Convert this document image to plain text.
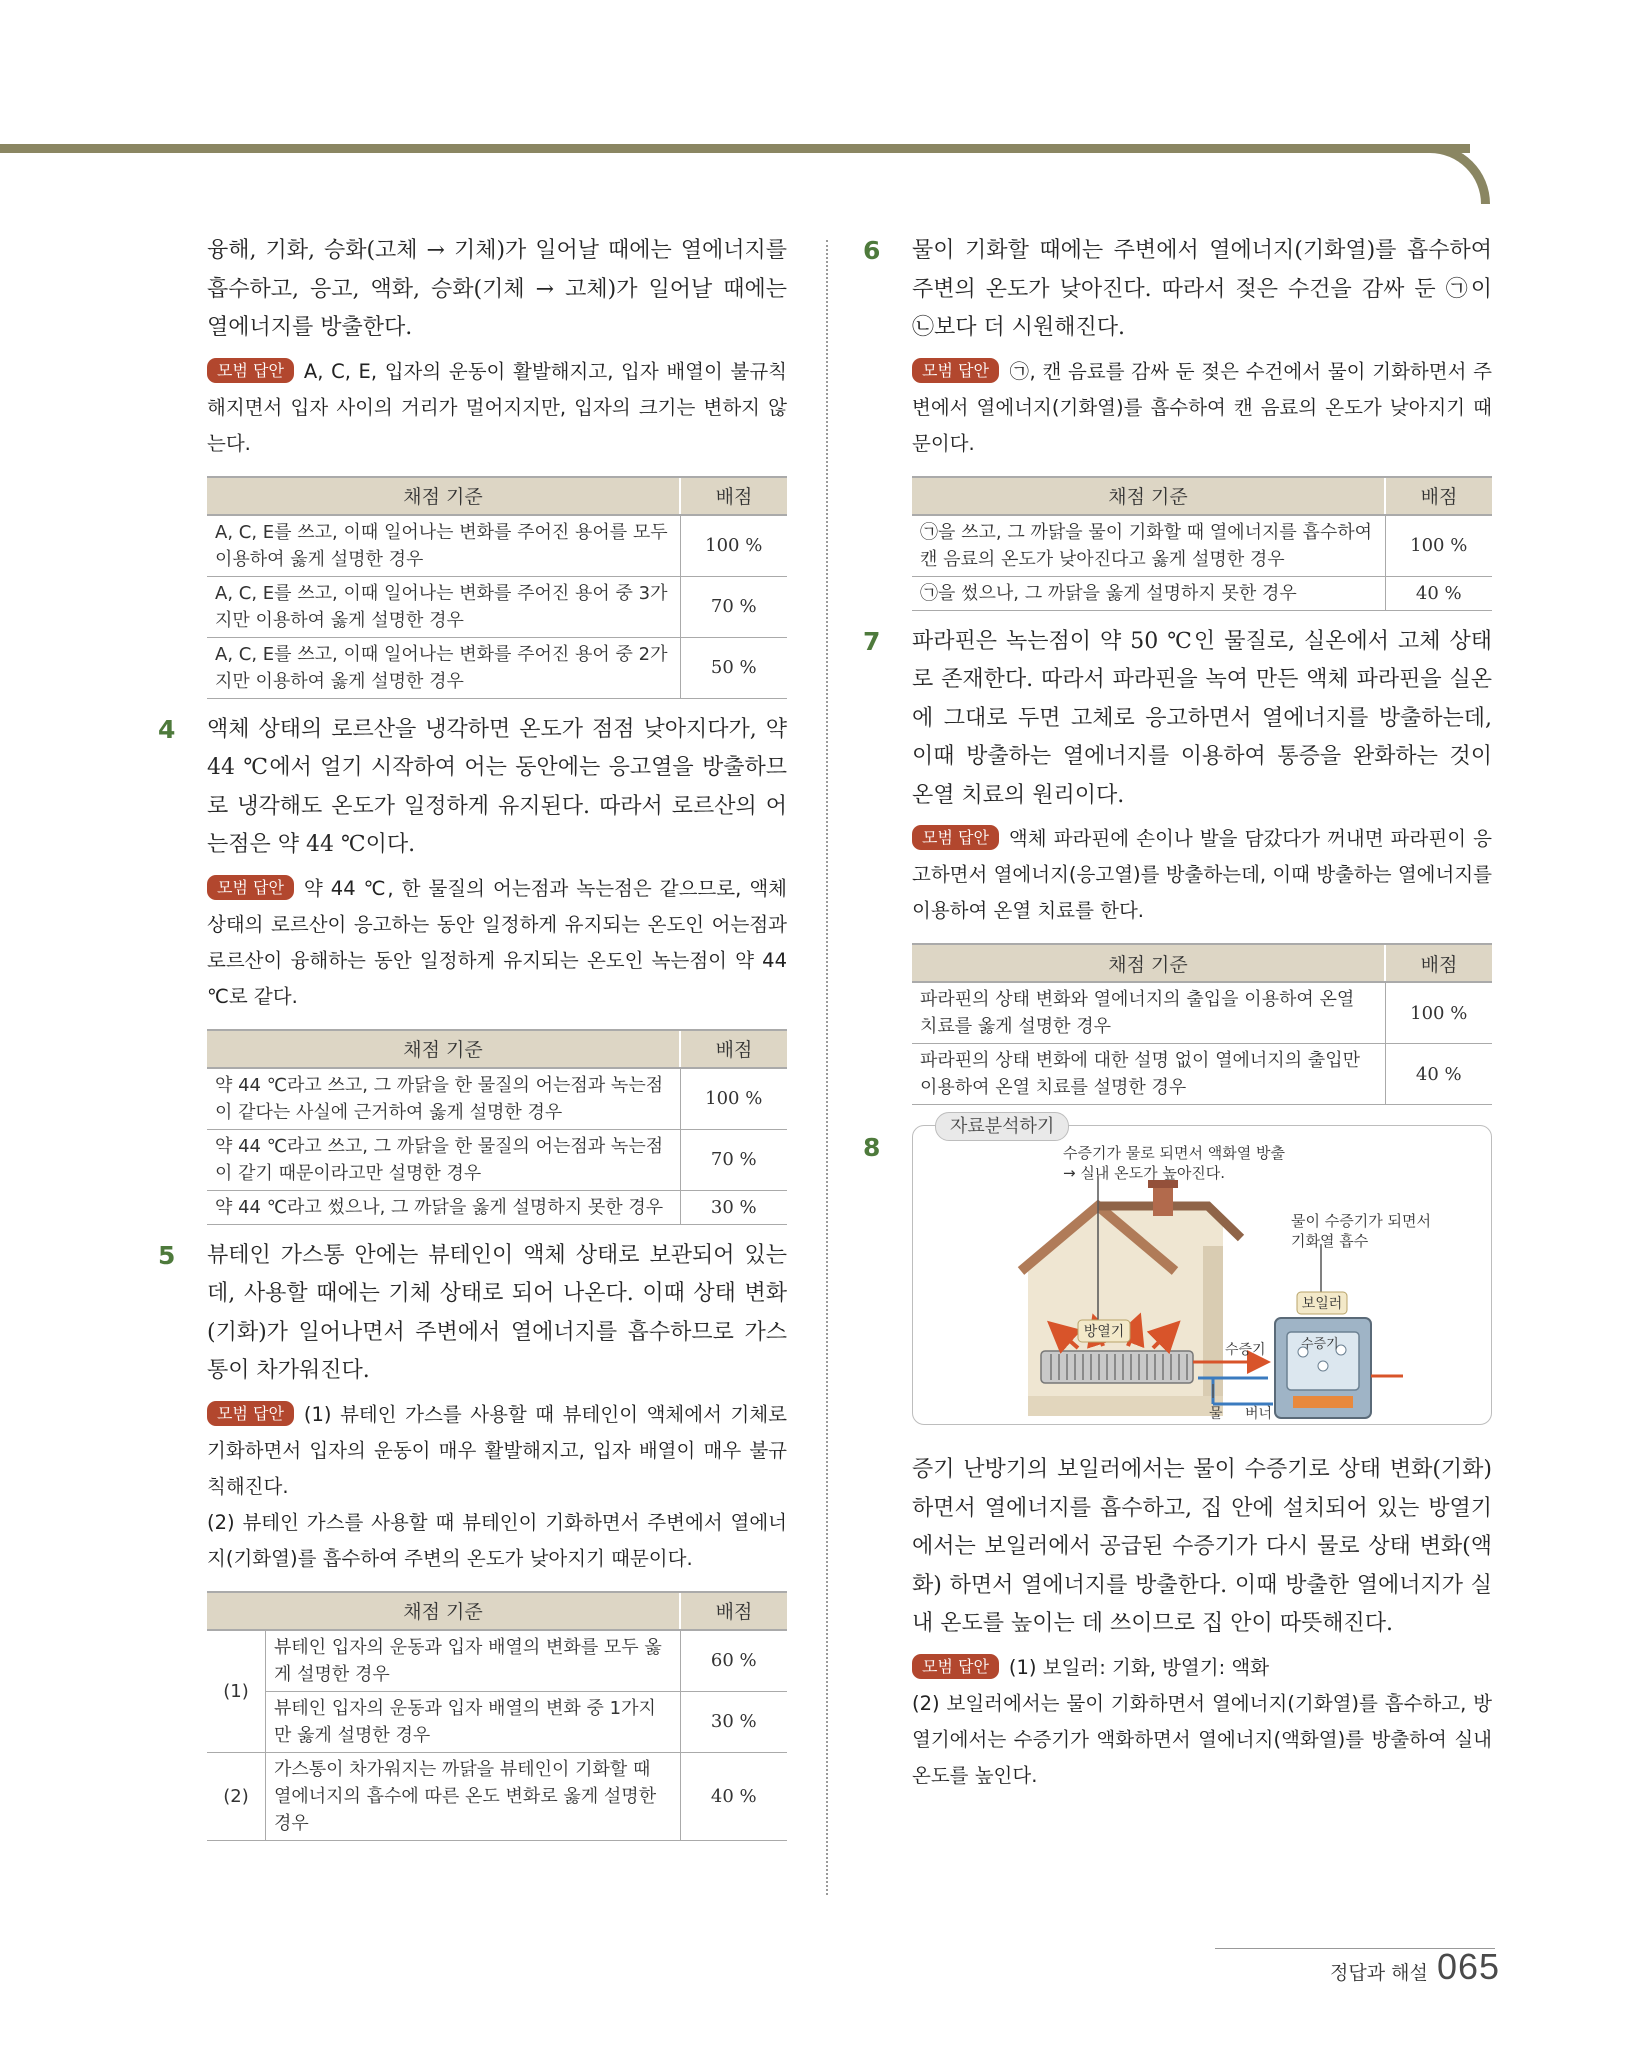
융해, 기화, 승화(고체 → 기체)가 일어날 때에는 열에너지를 흡수하고, 응고, 액화, 승화(기체 → 고체)가 일어날 때에는 열에너지를 방출한다.
모범 답안 A, C, E, 입자의 운동이 활발해지고, 입자 배열이 불규칙해지면서 입자 사이의 거리가 멀어지지만, 입자의 크기는 변하지 않는다.
채점 기준	배점
A, C, E를 쓰고, 이때 일어나는 변화를 주어진 용어를 모두 이용하여 옳게 설명한 경우	100 %
A, C, E를 쓰고, 이때 일어나는 변화를 주어진 용어 중 3가지만 이용하여 옳게 설명한 경우	70 %
A, C, E를 쓰고, 이때 일어나는 변화를 주어진 용어 중 2가지만 이용하여 옳게 설명한 경우	50 %
4 액체 상태의 로르산을 냉각하면 온도가 점점 낮아지다가, 약 44 ℃에서 얼기 시작하여 어는 동안에는 응고열을 방출하므로 냉각해도 온도가 일정하게 유지된다. 따라서 로르산의 어는점은 약 44 ℃이다.
모범 답안 약 44 ℃, 한 물질의 어는점과 녹는점은 같으므로, 액체 상태의 로르산이 응고하는 동안 일정하게 유지되는 온도인 어는점과 로르산이 융해하는 동안 일정하게 유지되는 온도인 녹는점이 약 44 ℃로 같다.
채점 기준	배점
약 44 ℃라고 쓰고, 그 까닭을 한 물질의 어는점과 녹는점이 같다는 사실에 근거하여 옳게 설명한 경우	100 %
약 44 ℃라고 쓰고, 그 까닭을 한 물질의 어는점과 녹는점이 같기 때문이라고만 설명한 경우	70 %
약 44 ℃라고 썼으나, 그 까닭을 옳게 설명하지 못한 경우	30 %
5 뷰테인 가스통 안에는 뷰테인이 액체 상태로 보관되어 있는데, 사용할 때에는 기체 상태로 되어 나온다. 이때 상태 변화(기화)가 일어나면서 주변에서 열에너지를 흡수하므로 가스통이 차가워진다.
모범 답안 (1) 뷰테인 가스를 사용할 때 뷰테인이 액체에서 기체로 기화하면서 입자의 운동이 매우 활발해지고, 입자 배열이 매우 불규칙해진다.
(2) 뷰테인 가스를 사용할 때 뷰테인이 기화하면서 주변에서 열에너지(기화열)를 흡수하여 주변의 온도가 낮아지기 때문이다.
채점 기준		배점
(1)	뷰테인 입자의 운동과 입자 배열의 변화를 모두 옳게 설명한 경우	60 %
	뷰테인 입자의 운동과 입자 배열의 변화 중 1가지만 옳게 설명한 경우	30 %
(2)	가스통이 차가워지는 까닭을 뷰테인이 기화할 때 열에너지의 흡수에 따른 온도 변화로 옳게 설명한 경우	40 %
6 물이 기화할 때에는 주변에서 열에너지(기화열)를 흡수하여 주변의 온도가 낮아진다. 따라서 젖은 수건을 감싸 둔 ㉠이 ㉡보다 더 시원해진다.
모범 답안 ㉠, 캔 음료를 감싸 둔 젖은 수건에서 물이 기화하면서 주변에서 열에너지(기화열)를 흡수하여 캔 음료의 온도가 낮아지기 때문이다.
채점 기준	배점
㉠을 쓰고, 그 까닭을 물이 기화할 때 열에너지를 흡수하여 캔 음료의 온도가 낮아진다고 옳게 설명한 경우	100 %
㉠을 썼으나, 그 까닭을 옳게 설명하지 못한 경우	40 %
7 파라핀은 녹는점이 약 50 ℃인 물질로, 실온에서 고체 상태로 존재한다. 따라서 파라핀을 녹여 만든 액체 파라핀을 실온에 그대로 두면 고체로 응고하면서 열에너지를 방출하는데, 이때 방출하는 열에너지를 이용하여 통증을 완화하는 것이 온열 치료의 원리이다.
모범 답안 액체 파라핀에 손이나 발을 담갔다가 꺼내면 파라핀이 응고하면서 열에너지(응고열)를 방출하는데, 이때 방출하는 열에너지를 이용하여 온열 치료를 한다.
채점 기준	배점
파라핀의 상태 변화와 열에너지의 출입을 이용하여 온열 치료를 옳게 설명한 경우	100 %
파라핀의 상태 변화에 대한 설명 없이 열에너지의 출입만 이용하여 온열 치료를 설명한 경우	40 %
8
자료분석하기
수증기가 물로 되면서 액화열 방출
→ 실내 온도가 높아진다.
물이 수증기가 되면서
기화열 흡수
보일러
방열기
수증기	수증기
물 버너
증기 난방기의 보일러에서는 물이 수증기로 상태 변화(기화) 하면서 열에너지를 흡수하고, 집 안에 설치되어 있는 방열기에서는 보일러에서 공급된 수증기가 다시 물로 상태 변화(액화) 하면서 열에너지를 방출한다. 이때 방출한 열에너지가 실내 온도를 높이는 데 쓰이므로 집 안이 따뜻해진다.
모범 답안 (1) 보일러: 기화, 방열기: 액화
(2) 보일러에서는 물이 기화하면서 열에너지(기화열)를 흡수하고, 방열기에서는 수증기가 액화하면서 열에너지(액화열)를 방출하여 실내 온도를 높인다.
정답과 해설 065
